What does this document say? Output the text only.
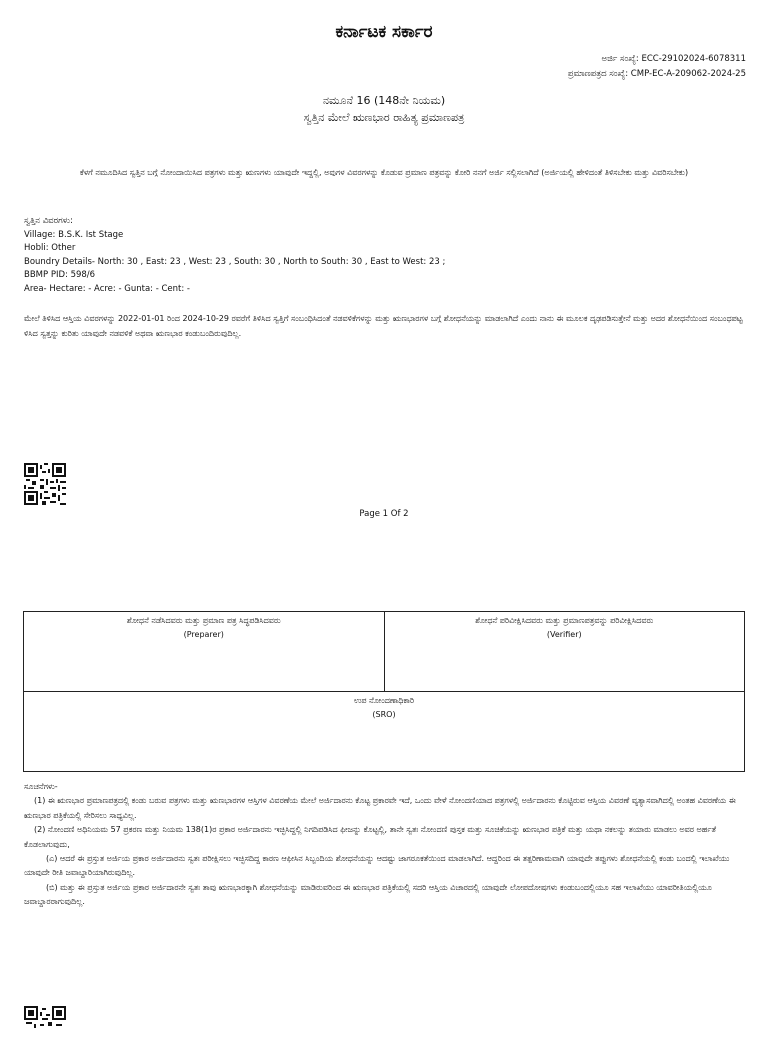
ಕರ್ನಾಟಕ ಸರ್ಕಾರ
ಅರ್ಜಿ ಸಂಖ್ಯೆ: ECC-29102024-6078311
ಪ್ರಮಾಣಪತ್ರದ ಸಂಖ್ಯೆ: CMP-EC-A-209062-2024-25
ನಮೂನೆ 16 (148ನೇ ನಿಯಮ)
ಸ್ವತ್ತಿನ ಮೇಲೆ ಋಣಭಾರ ರಾಹಿತ್ಯ ಪ್ರಮಾಣಪತ್ರ
ಕೆಳಗೆ ನಮೂದಿಸಿದ ಸ್ವತ್ತಿನ ಬಗ್ಗೆ ನೋಂದಾಯಿಸಿದ ಪತ್ರಗಳು ಮತ್ತು ಋಣಗಳು ಯಾವುದೇ ಇದ್ದಲ್ಲಿ, ಅವುಗಳ ವಿವರಗಳನ್ನು ಕೊಡುವ ಪ್ರಮಾಣ ಪತ್ರವನ್ನು ಕೋರಿ ನನಗೆ ಅರ್ಜಿ ಸಲ್ಲಿಸಲಾಗಿದೆ (ಅರ್ಜಿಯಲ್ಲಿ ಹೇಳಿದಂತೆ ತಿಳಿಸಬೇಕು ಮತ್ತು ವಿವರಿಸಬೇಕು)
ಸ್ವತ್ತಿನ ವಿವರಗಳು:
Village: B.S.K. Ist Stage
Hobli: Other
Boundry Details- North: 30 , East: 23 , West: 23 , South: 30 , North to South: 30 , East to West: 23 ;
BBMP PID: 598/6
Area- Hectare: - Acre: - Gunta: - Cent: -
ಮೇಲೆ ತಿಳಿಸಿದ ಆಸ್ತಿಯ ವಿವರಗಳನ್ನು 2022-01-01 ರಿಂದ 2024-10-29 ರವರೆಗೆ ತಿಳಿಸಿದ ಸ್ವತ್ತಿಗೆ ಸಂಬಂಧಿಸಿದಂತೆ ನಡವಳಿಕೆಗಳನ್ನು ಮತ್ತು ಋಣಭಾರಗಳ ಬಗ್ಗೆ ಶೋಧನೆಯನ್ನು ಮಾಡಲಾಗಿದೆ ಎಂದು ನಾನು ಈ ಮೂಲಕ ದೃಢಪಡಿಸುತ್ತೇನೆ ಮತ್ತು ಅದರ ಶೋಧನೆಯಿಂದ ಸಂಬಂಧಪಟ್ಟ ಳಿಸಿದ ಸ್ವತ್ತನ್ನು ಕುರಿತು ಯಾವುದೇ ನಡವಳಿಕೆ ಅಥವಾ ಋಣಭಾರ ಕಂಡುಬಂದಿರುವುದಿಲ್ಲ.
Page 1 Of 2
ಶೋಧನೆ ನಡೆಸಿದವರು ಮತ್ತು ಪ್ರಮಾಣ ಪತ್ರ ಸಿದ್ಧಪಡಿಸಿದವರು
(Preparer)

ಶೋಧನೆ ಪರಿವೀಕ್ಷಿಸಿದವರು ಮತ್ತು ಪ್ರಮಾಣಪತ್ರವನ್ನು ಪರಿವೀಕ್ಷಿಸಿದವರು
(Verifier)

ಉಪ ನೋಂದಣಾಧಿಕಾರಿ
(SRO)

ಸೂಚನೆಗಳು-

(1) ಈ ಋಣಭಾರ ಪ್ರಮಾಣಪತ್ರದಲ್ಲಿ ಕಂಡು ಬರುವ ಪತ್ರಗಳು ಮತ್ತು ಋಣಭಾರಗಳ ಆಸ್ತಿಗಳ ವಿವರಣೆಯ ಮೇಲೆ ಅರ್ಜಿದಾರನು ಕೊಟ್ಟ ಪ್ರಕಾರವೇ ಇದೆ, ಒಂದು ವೇಳೆ ನೋಂದಣಿಯಾದ ಪತ್ರಗಳಲ್ಲಿ ಅರ್ಜಿದಾರನು ಕೊಟ್ಟಿರುವ ಆಸ್ತಿಯ ವಿವರಣೆ ವ್ಯತ್ಯಾಸವಾಗಿದಲ್ಲಿ ಅಂತಹ ವಿವರಣೆಯ ಈ ಋಣಭಾರ ಪತ್ರಿಕೆಯಲ್ಲಿ ಸೇರಿಸಲು ಸಾಧ್ಯವಿಲ್ಲ.

(2) ನೋಂದಣಿ ಅಧಿನಿಯಮ 57 ಪ್ರಕರಣ ಮತ್ತು ನಿಯಮ 138(1)ರ ಪ್ರಕಾರ ಅರ್ಜಿದಾರನು ಇಚ್ಛಿಸಿದ್ದಲ್ಲಿ ನಿಗದಿಪಡಿಸಿದ ಫೀಜನ್ನು ಕೊಟ್ಟಲ್ಲಿ, ತಾನೇ ಸ್ವತಃ ನೋಂದಣಿ ಪುಸ್ತಕ ಮತ್ತು ಸೂಚಿಕೆಯನ್ನು ಋಣಭಾರ ಪತ್ರಿಕೆ ಮತ್ತು ಯಥಾ ನಕಲನ್ನು ತಯಾರು ಮಾಡಲು ಅವರ ಅರ್ಹತೆ ಕೊಡಲಾಗುವುದು,

(ಎ) ಆದರೆ ಈ ಪ್ರಸ್ತುತ ಅರ್ಜಿಯ ಪ್ರಕಾರ ಅರ್ಜಿದಾರನು ಸ್ವತಃ ಪರೀಕ್ಷಿಸಲು ಇಚ್ಛಿಸದಿದ್ದ ಕಾರಣ ಆಫೀಸಿನ ಸಿಬ್ಬಂದಿಯ ಶೋಧನೆಯನ್ನು ಆದಷ್ಟು ಜಾಗರೂಕತೆಯಿಂದ ಮಾಡಲಾಗಿದೆ. ಆದ್ದರಿಂದ ಈ ತತ್ಪರಿಣಾಮವಾಗಿ ಯಾವುದೇ ತಪ್ಪುಗಳು ಶೋಧನೆಯಲ್ಲಿ ಕಂಡು ಬಂದಲ್ಲಿ ಇಲಾಖೆಯು ಯಾವುದೇ ರೀತಿ ಜವಾಬ್ದಾರಿಯಾಗಿರುವುದಿಲ್ಲ.

(ಬಿ) ಮತ್ತು ಈ ಪ್ರಸ್ತುತ ಅರ್ಜಿಯ ಪ್ರಕಾರ ಅರ್ಜಿದಾರನೇ ಸ್ವತಃ ತಾವು ಋಣಭಾರಕ್ಕಾಗಿ ಶೋಧನೆಯನ್ನು ಮಾಡಿರುವರಿಂದ ಈ ಋಣಭಾರ ಪತ್ರಿಕೆಯಲ್ಲಿ ಸದರಿ ಆಸ್ತಿಯ ವಿಚಾರದಲ್ಲಿ ಯಾವುದೇ ಲೋಪದೋಷಗಳು ಕಂಡುಬಂದಲ್ಲಿಯೂ ಸಹ ಇಲಾಖೆಯು ಯಾವರೀತಿಯಲ್ಲಿಯೂ ಜವಾಬ್ದಾರರಾಗುವುದಿಲ್ಲ.
